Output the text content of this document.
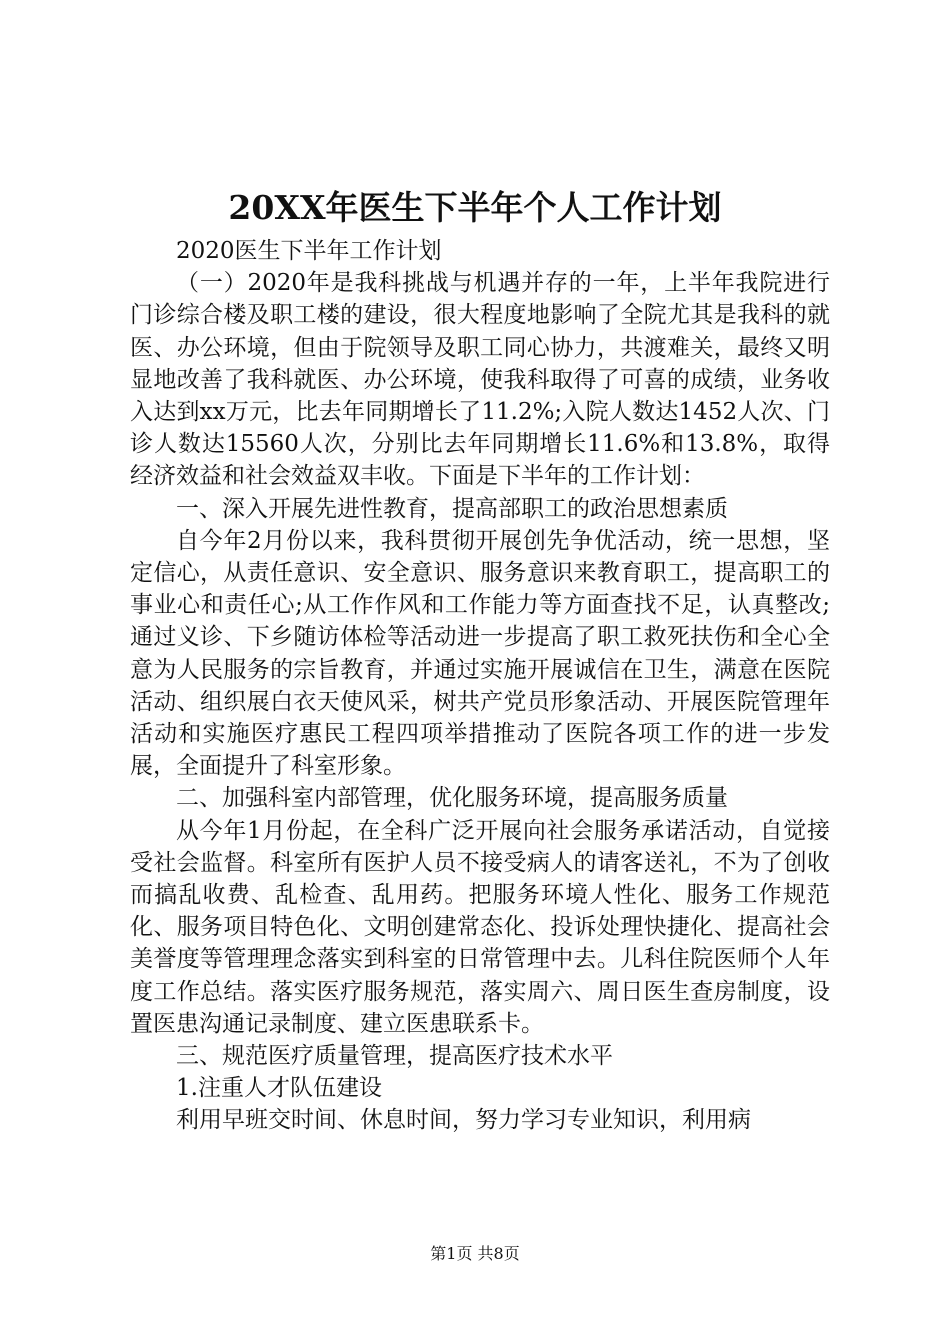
20XX年医生下半年个人工作计划

2020医生下半年工作计划

（一）2020年是我科挑战与机遇并存的一年，上半年我院进行门诊综合楼及职工楼的建设，很大程度地影响了全院尤其是我科的就医、办公环境，但由于院领导及职工同心协力，共渡难关，最终又明显地改善了我科就医、办公环境，使我科取得了可喜的成绩，业务收入达到xx万元，比去年同期增长了11.2%;入院人数达1452人次、门诊人数达15560人次，分别比去年同期增长11.6%和13.8%，取得经济效益和社会效益双丰收。下面是下半年的工作计划：

一、深入开展先进性教育，提高部职工的政治思想素质

自今年2月份以来，我科贯彻开展创先争优活动，统一思想，坚定信心，从责任意识、安全意识、服务意识来教育职工，提高职工的事业心和责任心;从工作作风和工作能力等方面查找不足，认真整改;通过义诊、下乡随访体检等活动进一步提高了职工救死扶伤和全心全意为人民服务的宗旨教育，并通过实施开展诚信在卫生，满意在医院活动、组织展白衣天使风采，树共产党员形象活动、开展医院管理年活动和实施医疗惠民工程四项举措推动了医院各项工作的进一步发展，全面提升了科室形象。

二、加强科室内部管理，优化服务环境，提高服务质量

从今年1月份起，在全科广泛开展向社会服务承诺活动，自觉接受社会监督。科室所有医护人员不接受病人的请客送礼，不为了创收而搞乱收费、乱检查、乱用药。把服务环境人性化、服务工作规范化、服务项目特色化、文明创建常态化、投诉处理快捷化、提高社会美誉度等管理理念落实到科室的日常管理中去。儿科住院医师个人年度工作总结。落实医疗服务规范，落实周六、周日医生查房制度，设置医患沟通记录制度、建立医患联系卡。

三、规范医疗质量管理，提高医疗技术水平

1.注重人才队伍建设

利用早班交时间、休息时间，努力学习专业知识，利用病

第1页 共8页
